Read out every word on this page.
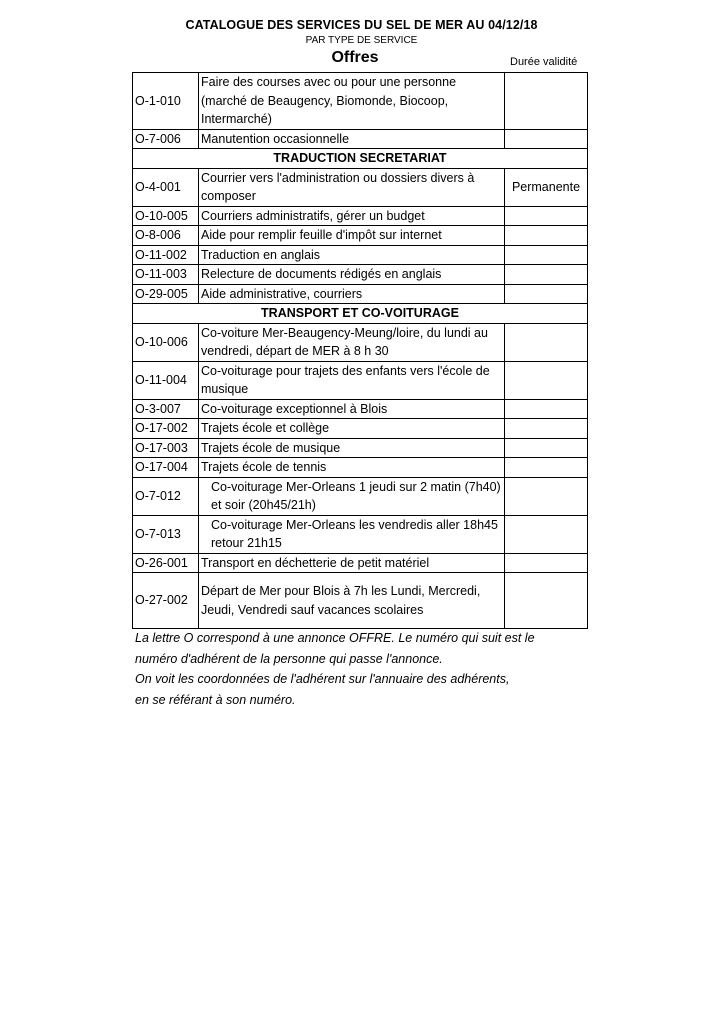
CATALOGUE DES SERVICES DU SEL DE MER AU 04/12/18
PAR TYPE DE SERVICE
Offres	Durée validité
O-1-010	Faire des courses avec ou pour une personne (marché de Beaugency, Biomonde, Biocoop, Intermarché)	
O-7-006	Manutention occasionnelle	
TRADUCTION SECRETARIAT		
O-4-001	Courrier vers l'administration ou dossiers divers à composer	Permanente
O-10-005	Courriers administratifs, gérer un budget	
O-8-006	Aide pour remplir feuille d'impôt sur internet	
O-11-002	Traduction en anglais	
O-11-003	Relecture de documents rédigés en anglais	
O-29-005	Aide administrative, courriers	
TRANSPORT ET CO-VOITURAGE		
O-10-006	Co-voiture Mer-Beaugency-Meung/loire, du lundi au vendredi, départ de MER à 8 h 30	
O-11-004	Co-voiturage pour trajets des enfants vers l'école de musique	
O-3-007	Co-voiturage exceptionnel à Blois	
O-17-002	Trajets école et collège	
O-17-003	Trajets école de musique	
O-17-004	Trajets école de tennis	
O-7-012	Co-voiturage Mer-Orleans 1 jeudi sur 2 matin (7h40) et soir (20h45/21h)	
O-7-013	Co-voiturage Mer-Orleans les vendredis aller 18h45 retour 21h15	
O-26-001	Transport en déchetterie de petit matériel	
O-27-002	Départ de Mer pour Blois à 7h les Lundi, Mercredi, Jeudi, Vendredi sauf vacances scolaires	

La lettre O correspond à une annonce OFFRE. Le numéro qui suit est le

numéro d'adhérent de la personne qui passe l'annonce.

On voit les coordonnées de l'adhérent sur l'annuaire des adhérents,

en se référant à son numéro.
